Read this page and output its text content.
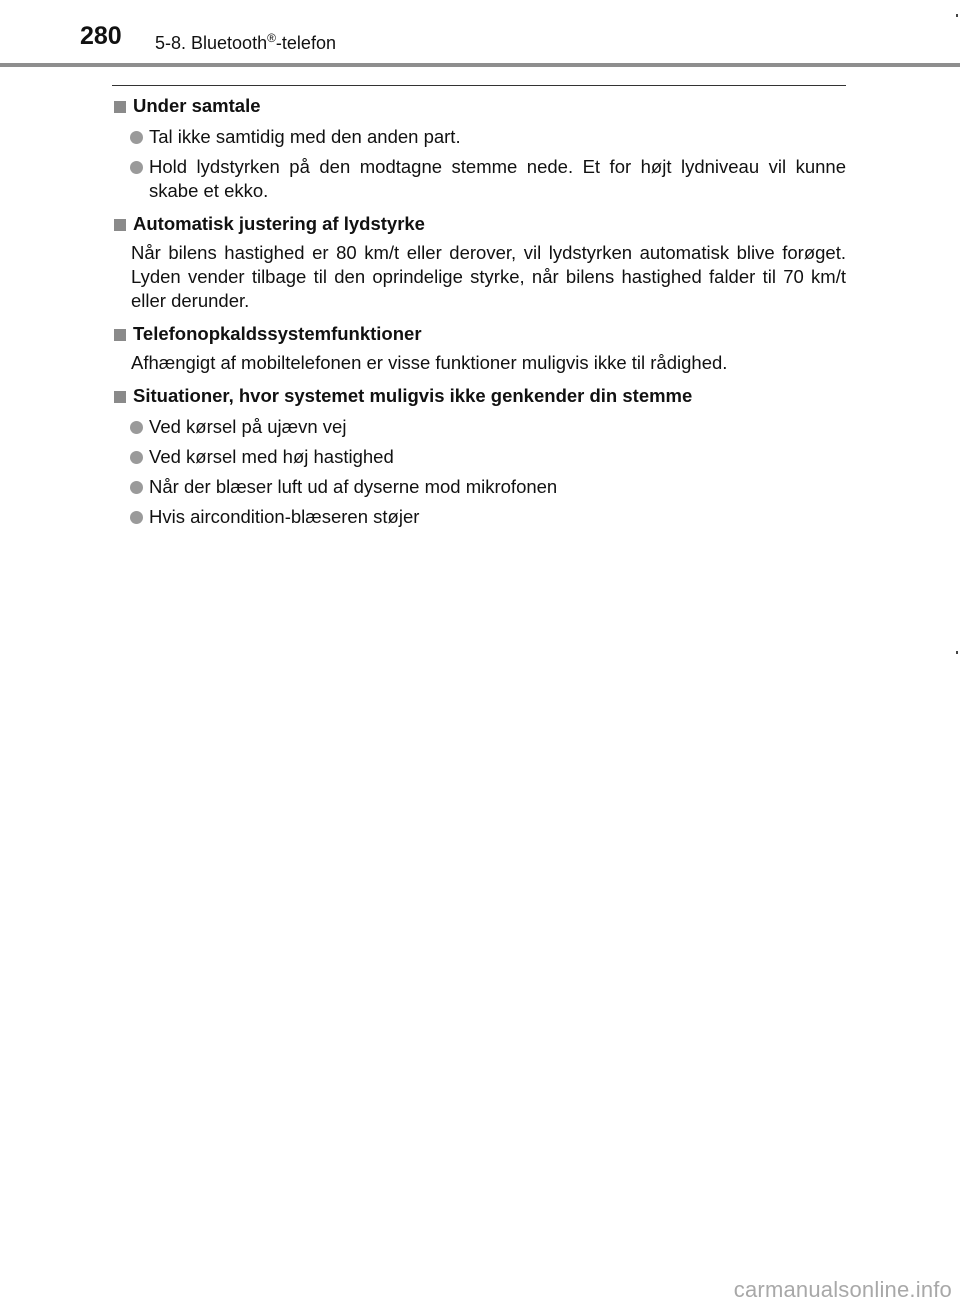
280 5-8. Bluetooth®-telefon
Under samtale
Tal ikke samtidig med den anden part.
Hold lydstyrken på den modtagne stemme nede. Et for højt lydniveau vil kunne skabe et ekko.
Automatisk justering af lydstyrke
Når bilens hastighed er 80 km/t eller derover, vil lydstyrken automatisk blive forøget. Lyden vender tilbage til den oprindelige styrke, når bilens hastighed falder til 70 km/t eller derunder.
Telefonopkaldssystemfunktioner
Afhængigt af mobiltelefonen er visse funktioner muligvis ikke til rådighed.
Situationer, hvor systemet muligvis ikke genkender din stemme
Ved kørsel på ujævn vej
Ved kørsel med høj hastighed
Når der blæser luft ud af dyserne mod mikrofonen
Hvis aircondition-blæseren støjer
carmanualsonline.info
